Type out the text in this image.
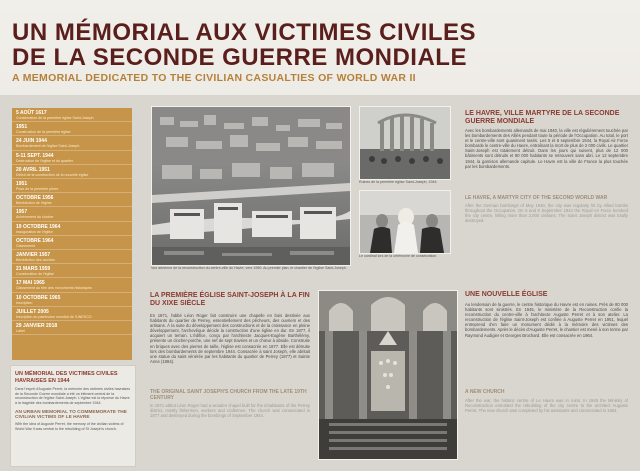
UN MÉMORIAL AUX VICTIMES CIVILES
DE LA SECONDE GUERRE MONDIALE
A MEMORIAL DEDICATED TO THE CIVILIAN CASUALTIES OF WORLD WAR II
5 AOÛT 1617
Consécration de la première église Saint-Joseph
1951
Construction de la première église
24 JUIN 1944
Bombardement de l'église Saint-Joseph
5-11 SEPT. 1944
Destruction de l'église et du quartier
20 AVRIL 1951
Début de la construction de la nouvelle église
1951
Pose de la première pierre
OCTOBRE 1956
Bénédiction de l'église
1957
Achèvement du clocher
19 OCTOBRE 1964
Inauguration de l'église
OCTOBRE 1964
Classement
JANVIER 1957
Bénédiction des cloches
21 MARS 1959
Consécration de l'église
17 MAI 1965
Classement au titre des monuments historiques
10 OCTOBRE 1965
Inscription
JUILLET 2005
Inscription au patrimoine mondial de l'UNESCO
29 JANVIER 2018
Label
UN MÉMORIAL DES VICTIMES CIVILES HAVRAISES EN 1944
Dans l'esprit d'Auguste Perret, la mémoire des victimes civiles havraises de la Seconde Guerre mondiale a été un élément central de la reconstruction de l'église Saint-Joseph. L'église est la réponse du Havre à la tragédie des bombardements de septembre 1944.
AN URBAN MEMORIAL TO COMMEMORATE THE CIVILIAN VICTIMS OF LE HAVRE
With the idea of Auguste Perret, the memory of the civilian victims of World War II was central to the rebuilding of St Joseph's church.
Vue aérienne de la reconstruction du centre-ville du Havre, vers 1950. Au premier plan, le chantier de l'église Saint-Joseph.
Ruines de la première église Saint-Joseph, 1944.
Le cardinal lors de la cérémonie de consécration.
LE HAVRE, VILLE MARTYRE DE LA SECONDE GUERRE MONDIALE
Avec les bombardements allemands de mai 1940, la ville est régulièrement touchée par les bombardements des Alliés pendant toute la période de l'Occupation. Au total, le port et le centre-ville sont quasiment rasés. Les 5 et 6 septembre 1944, la Royal Air Force bombarde le centre-ville du Havre, entraînant la mort de plus de 2 000 civils. Le quartier Saint-Joseph est totalement détruit. Dans les jours qui suivent, plus de 12 000 bâtiments sont détruits et 80 000 habitants se retrouvent sans abri. Le 12 septembre 1944, la garnison allemande capitule. Le Havre est la ville de France la plus touchée par les bombardements.
LE HAVRE, A MARTYR CITY OF THE SECOND WORLD WAR
After the German bombings of May 1940, the city was regularly hit by Allied bombs throughout the Occupation. On 5 and 6 September 1944 the Royal Air Force bombed the city centre, killing more than 2,000 civilians. The Saint Joseph district was totally destroyed.
LA PREMIÈRE ÉGLISE SAINT-JOSEPH À LA FIN DU XIXE SIÈCLE
En 1871, l'abbé Léon Roger fait construire une chapelle en bois destinée aux habitants du quartier de Perrey, essentiellement des pêcheurs, des ouvriers et des artisans. À la suite du développement des constructions et de la croissance en pleine développement, l'archevêque décide la construction d'une église en dur. En 1877, il acquiert un terrain. L'édifice, conçu par l'architecte Jacques-Eugène Barthélémy, présente un clocher-porche, une nef de sept travées et un chœur à abside. Construite en briques avec des pierres de taille, l'église est consacrée en 1877. Elle est détruite lors des bombardements de septembre 1944. Consacrée à saint Joseph, elle abritait une statue du saint vénérée par les habitants du quartier de Perrey (1877) et Sainte Anne (1884).
THE ORIGINAL SAINT JOSEPH'S CHURCH FROM THE LATE 19TH CENTURY
In 1871 abbot Léon Roger had a wooden chapel built for the inhabitants of the Perrey district, mostly fishermen, workers and craftsmen. The church was consecrated in 1877 and destroyed during the bombings of September 1944.
UNE NOUVELLE ÉGLISE
Au lendemain de la guerre, le centre historique du Havre est en ruines. Près de 80 000 habitants sont sinistrés. En 1945, le ministère de la Reconstruction confie la reconstruction du centre-ville à l'architecte Auguste Perret et à son atelier. La reconstruction de l'église Saint-Joseph est confiée à Auguste Perret en 1951, lequel entreprend d'en faire un monument dédié à la mémoire des victimes des bombardements. Après le décès d'Auguste Perret, le chantier est mené à son terme par Raymond Audigier et Georges Brochard. Elle est consacrée en 1964.
A NEW CHURCH
After the war, the historic centre of Le Havre was in ruins. In 1945 the Ministry of Reconstruction entrusted the rebuilding of the city centre to the architect Auguste Perret. The new church was completed by his assistants and consecrated in 1964.
